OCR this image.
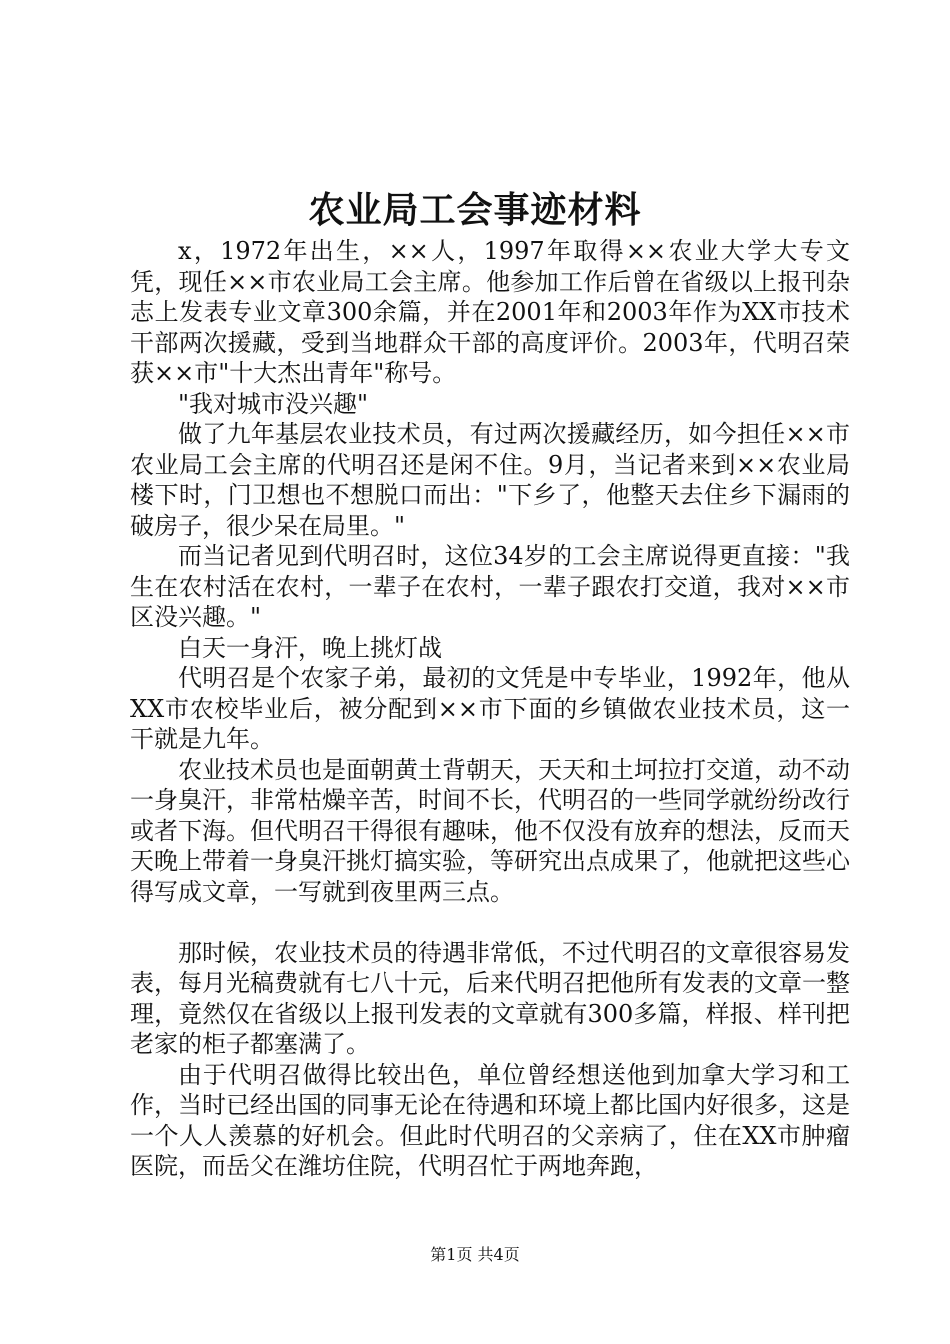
农业局工会事迹材料

x，1972年出生，××人，1997年取得××农业大学大专文凭，现任××市农业局工会主席。他参加工作后曾在省级以上报刊杂志上发表专业文章300余篇，并在2001年和2003年作为XX市技术干部两次援藏，受到当地群众干部的高度评价。2003年，代明召荣获××市"十大杰出青年"称号。

"我对城市没兴趣"

做了九年基层农业技术员，有过两次援藏经历，如今担任××市农业局工会主席的代明召还是闲不住。9月，当记者来到××农业局楼下时，门卫想也不想脱口而出："下乡了，他整天去住乡下漏雨的破房子，很少呆在局里。"

而当记者见到代明召时，这位34岁的工会主席说得更直接："我生在农村活在农村，一辈子在农村，一辈子跟农打交道，我对××市区没兴趣。"

白天一身汗，晚上挑灯战

代明召是个农家子弟，最初的文凭是中专毕业，1992年，他从XX市农校毕业后，被分配到××市下面的乡镇做农业技术员，这一干就是九年。

农业技术员也是面朝黄土背朝天，天天和土坷拉打交道，动不动一身臭汗，非常枯燥辛苦，时间不长，代明召的一些同学就纷纷改行或者下海。但代明召干得很有趣味，他不仅没有放弃的想法，反而天天晚上带着一身臭汗挑灯搞实验，等研究出点成果了，他就把这些心得写成文章，一写就到夜里两三点。

那时候，农业技术员的待遇非常低，不过代明召的文章很容易发表，每月光稿费就有七八十元，后来代明召把他所有发表的文章一整理，竟然仅在省级以上报刊发表的文章就有300多篇，样报、样刊把老家的柜子都塞满了。

由于代明召做得比较出色，单位曾经想送他到加拿大学习和工作，当时已经出国的同事无论在待遇和环境上都比国内好很多，这是一个人人羡慕的好机会。但此时代明召的父亲病了，住在XX市肿瘤医院，而岳父在潍坊住院，代明召忙于两地奔跑，

第1页 共4页
